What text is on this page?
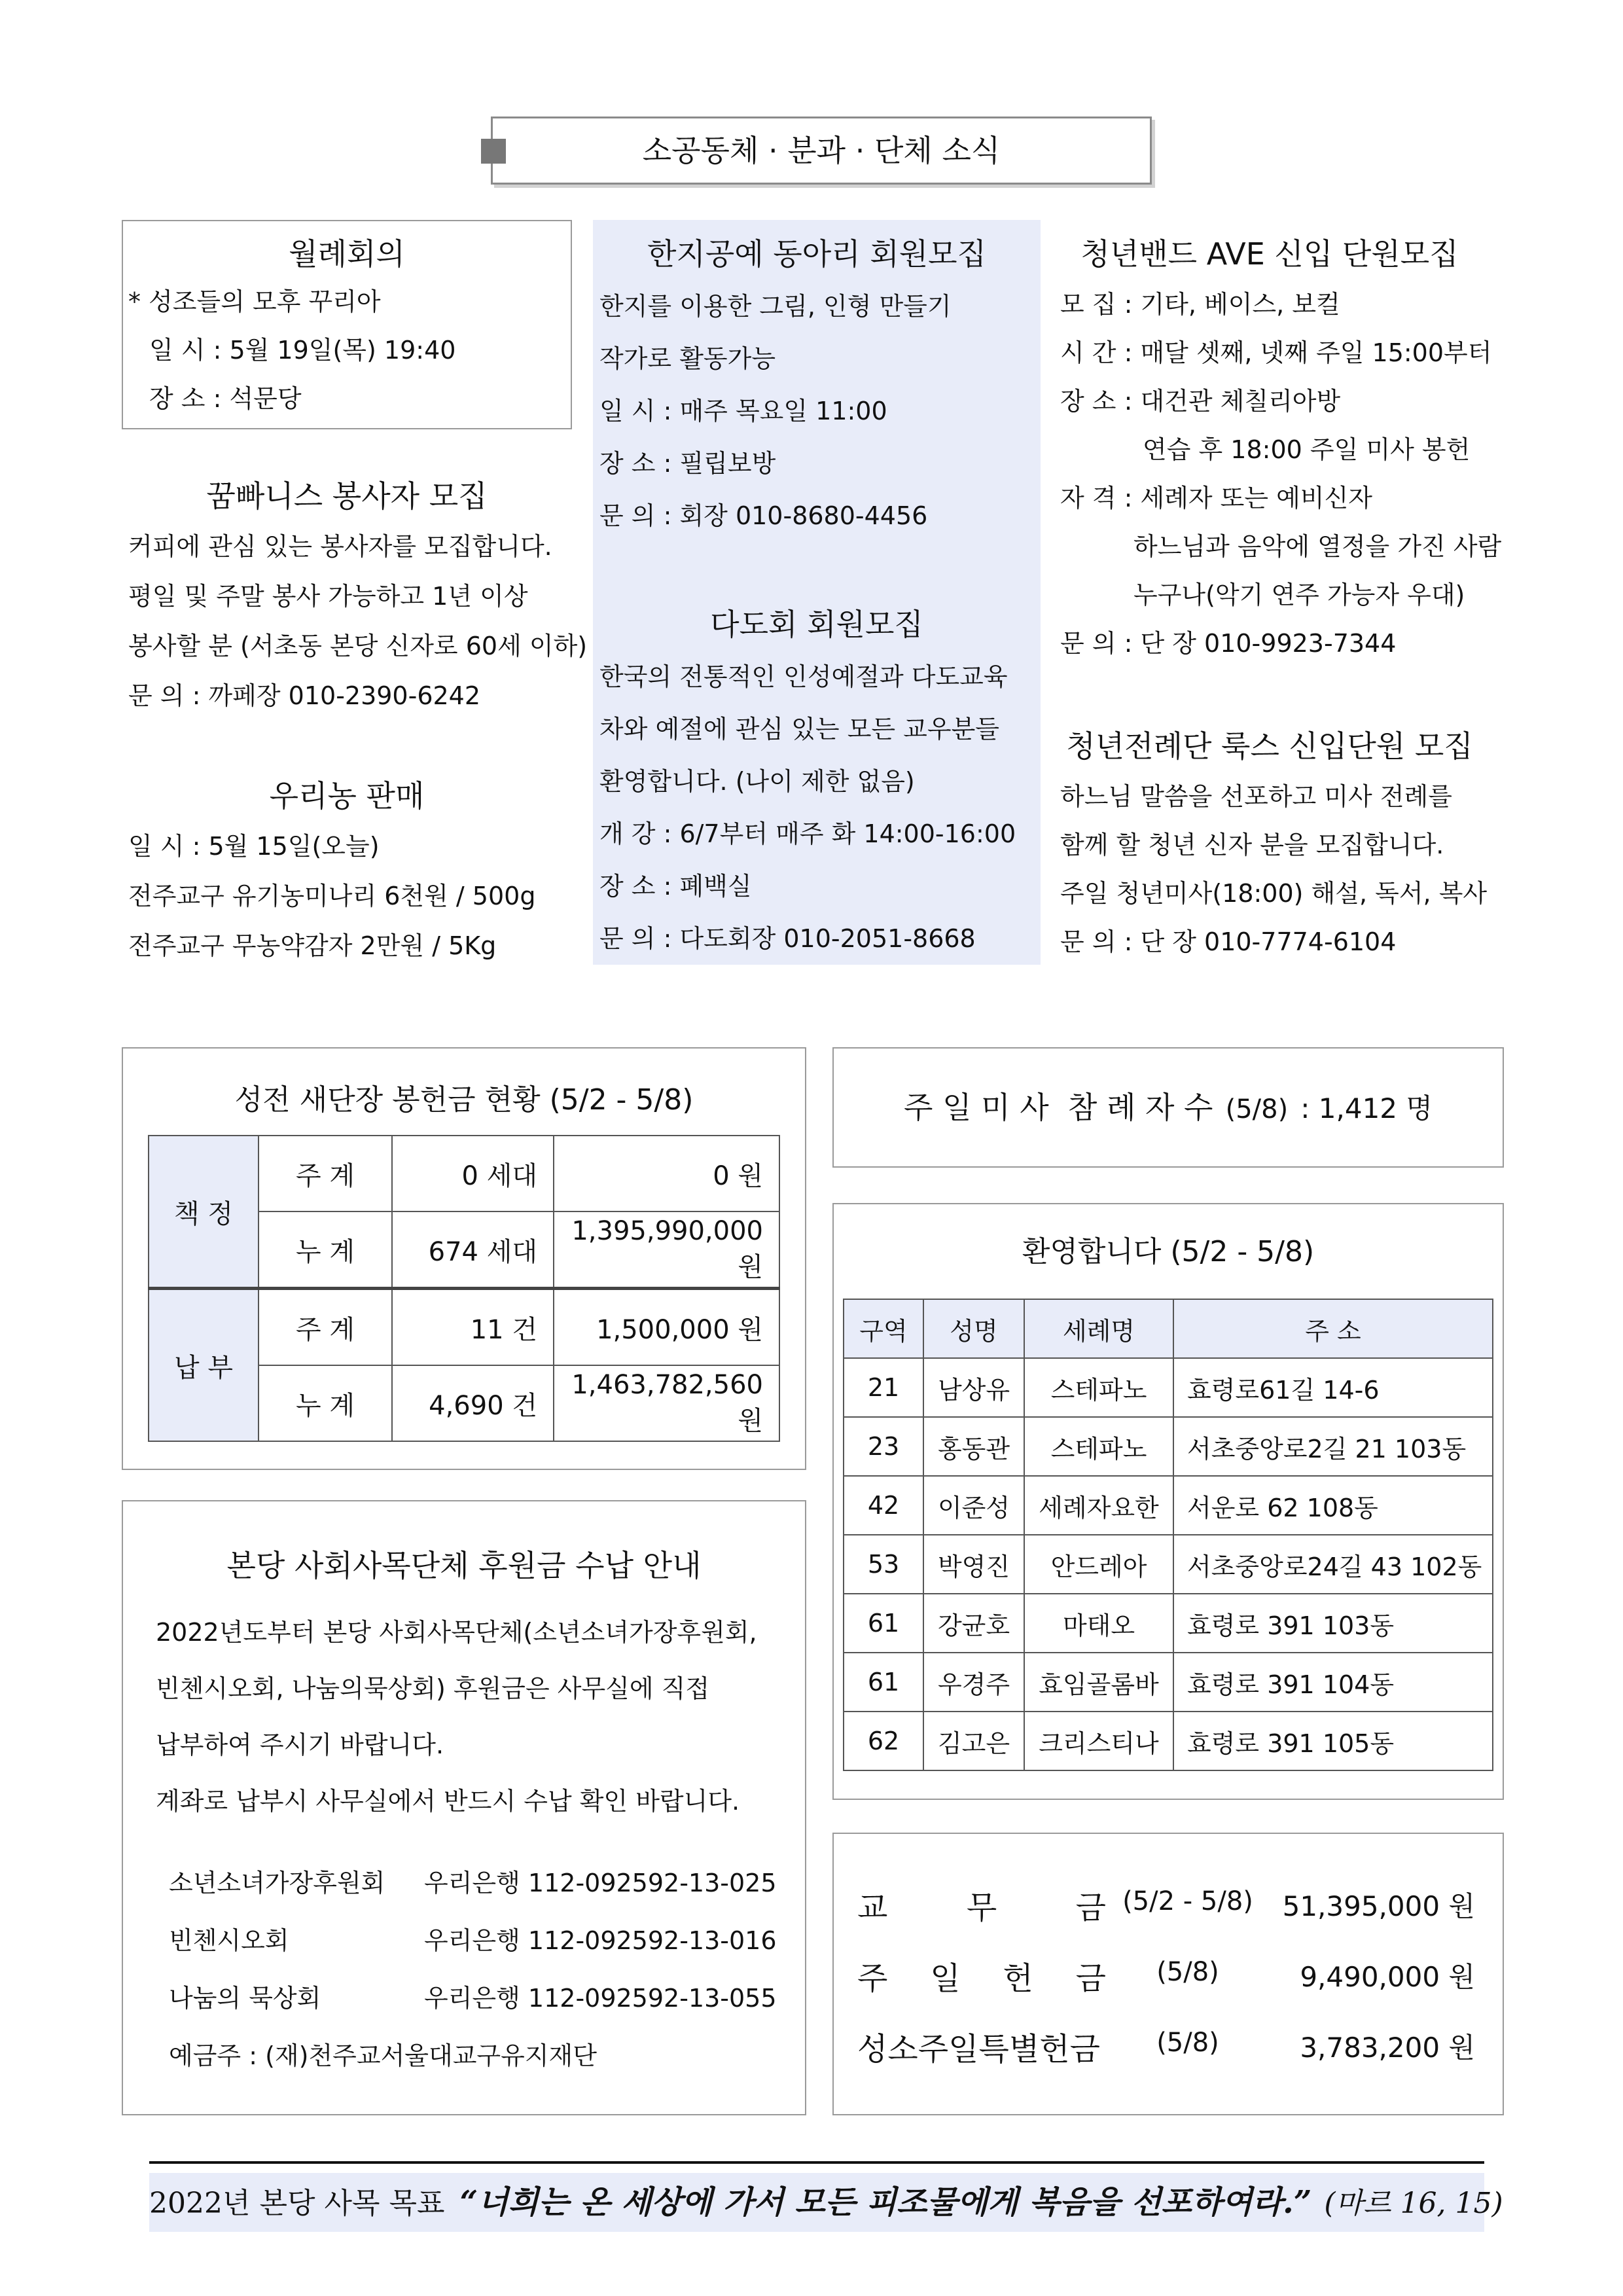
소공동체 · 분과 · 단체 소식
월례회의
* 성조들의 모후 꾸리아
일 시 : 5월 19일(목) 19:40
장 소 : 석문당
꿈빠니스 봉사자 모집
커피에 관심 있는 봉사자를 모집합니다.
평일 및 주말 봉사 가능하고 1년 이상
봉사할 분 (서초동 본당 신자로 60세 이하)
문 의 : 까페장 010-2390-6242
우리농 판매
일 시 : 5월 15일(오늘)
전주교구 유기농미나리 6천원 / 500g
전주교구 무농약감자 2만원 / 5Kg
한지공예 동아리 회원모집
한지를 이용한 그림, 인형 만들기
작가로 활동가능
일 시 : 매주 목요일 11:00
장 소 : 필립보방
문 의 : 회장 010-8680-4456
다도회 회원모집
한국의 전통적인 인성예절과 다도교육
차와 예절에 관심 있는 모든 교우분들
환영합니다. (나이 제한 없음)
개 강 : 6/7부터 매주 화 14:00-16:00
장 소 : 폐백실
문 의 : 다도회장 010-2051-8668
청년밴드 AVE 신입 단원모집
모 집 : 기타, 베이스, 보컬
시 간 : 매달 셋째, 넷째 주일 15:00부터
장 소 : 대건관 체칠리아방
연습 후 18:00 주일 미사 봉헌
자 격 : 세례자 또는 예비신자
하느님과 음악에 열정을 가진 사람
누구나(악기 연주 가능자 우대)
문 의 : 단 장 010-9923-7344
청년전례단 룩스 신입단원 모집
하느님 말씀을 선포하고 미사 전례를
함께 할 청년 신자 분을 모집합니다.
주일 청년미사(18:00) 해설, 독서, 복사
문 의 : 단 장 010-7774-6104
성전 새단장 봉헌금 현황 (5/2 - 5/8)
책 정	주 계	0 세대	0 원
	누 계	674 세대	1,395,990,000 원
납 부	주 계	11 건	1,500,000 원
	누 계	4,690 건	1,463,782,560 원
본당 사회사목단체 후원금 수납 안내
2022년도부터 본당 사회사목단체(소년소녀가장후원회,
빈첸시오회, 나눔의묵상회) 후원금은 사무실에 직접
납부하여 주시기 바랍니다.
계좌로 납부시 사무실에서 반드시 수납 확인 바랍니다.
소년소녀가장후원회 우리은행 112-092592-13-025
빈첸시오회	우리은행 112-092592-13-016
나눔의 묵상회	우리은행 112-092592-13-055
예금주 : (재)천주교서울대교구유지재단
주 일 미 사  참 례 자 수 (5/8) : 1,412 명
환영합니다 (5/2 - 5/8)
구역	성명	세례명	주 소
21	남상유	스테파노	효령로61길 14-6
23	홍동관	스테파노	서초중앙로2길 21 103동
42	이준성	세례자요한	서운로 62 108동
53	박영진	안드레아	서초중앙로24길 43 102동
61	강균호	마태오	효령로 391 103동
61	우경주	효임골롬바	효령로 391 104동
62	김고은	크리스티나	효령로 391 105동
교 무 금 (5/2 - 5/8)	51,395,000 원
주 일 헌 금	(5/8)	9,490,000 원
성소주일특별헌금	(5/8)	3,783,200 원
2022년 본당 사목 목표 “너희는 온 세상에 가서 모든 피조물에게 복음을 선포하여라.” (마르 16, 15)
